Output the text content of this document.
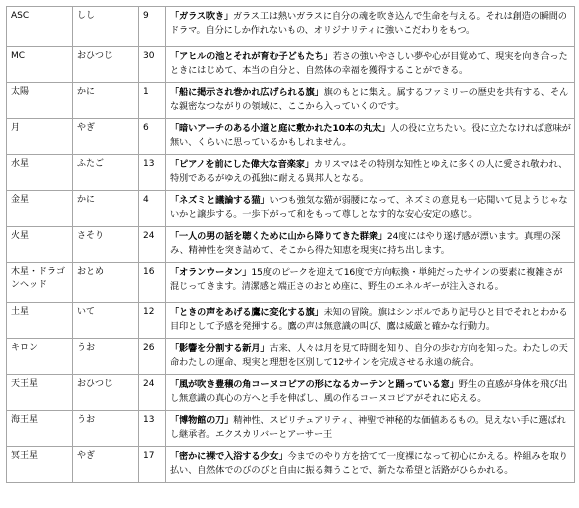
ASC	しし	9	「ガラス吹き」ガラス工は熱いガラスに自分の魂を吹き込んで生命を与える。それは創造の瞬間のドラマ。自分にしか作れないもの、オリジナリティに強いこだわりをもつ。
MC	おひつじ	30	「アヒルの池とそれが育む子どもたち」若さの強いやさしい夢や心が目覚めて、現実を向き合ったときにはじめて、本当の自分と、自然体の幸福を獲得することができる。
太陽	かに	1	「船に掲示され巻かれ広げられる旗」旗のもとに集え。属するファミリーの歴史を共有する、そんな親密なつながりの領域に、ここから入っていくのです。
月	やぎ	6	「暗いアーチのある小道と庭に敷かれた10本の丸太」人の役に立ちたい。役に立たなければ意味が無い、くらいに思っているかもしれません。
水星	ふたご	13	「ピアノを前にした偉大な音楽家」カリスマはその特別な知性とゆえに多くの人に愛され敬われ、特別であるがゆえの孤独に耐える異邦人となる。
金星	かに	4	「ネズミと議論する猫」いつも強気な猫が弱腰になって、ネズミの意見も一応聞いて見ようじゃないかと譲歩する。一歩下がって和をもって尊しとなす的な安心安定の感じ。
火星	さそり	24	「一人の男の話を聴くために山から降りてきた群衆」24度にはやり遂げ感が漂います。真理の深み、精神性を突き詰めて、そこから得た知恵を現実に持ち出します。
木星・ドラゴンヘッド	おとめ	16	「オランウータン」15度のピークを迎えて16度で方向転換・単純だったサインの要素に複雑さが混じってきます。清潔感と端正さのおとめ座に、野生のエネルギーが注入される。
土星	いて	12	「ときの声をあげる鷹に変化する旗」未知の冒険。旗はシンボルであり記号ひと目でそれとわかる目印として予感を発揮する。鷹の声は無意識の叫び、鷹は威厳と確かな行動力。
キロン	うお	26	「影響を分割する新月」古来、人々は月を見て時間を知り、自分の歩む方向を知った。わたしの天命わたしの運命、現実と理想を区別して12サインを完成させる永遠の統合。
天王星	おひつじ	24	「風が吹き豊穣の角コーヌコピアの形になるカーテンと踊っている窓」野生の直感が身体を飛び出し無意識の真心の方へと手を伸ばし、風の作るコーヌコピアがそれに応える。
海王星	うお	13	「博物館の刀」精神性、スピリチュアリティ、神聖で神秘的な価値あるもの。見えない手に選ばれし継承者。エクスカリバーとアーサー王
冥王星	やぎ	17	「密かに裸で入浴する少女」今までのやり方を捨てて一度裸になって初心にかえる。枠組みを取り払い、自然体でのびのびと自由に振る舞うことで、新たな希望と活路がひらかれる。
